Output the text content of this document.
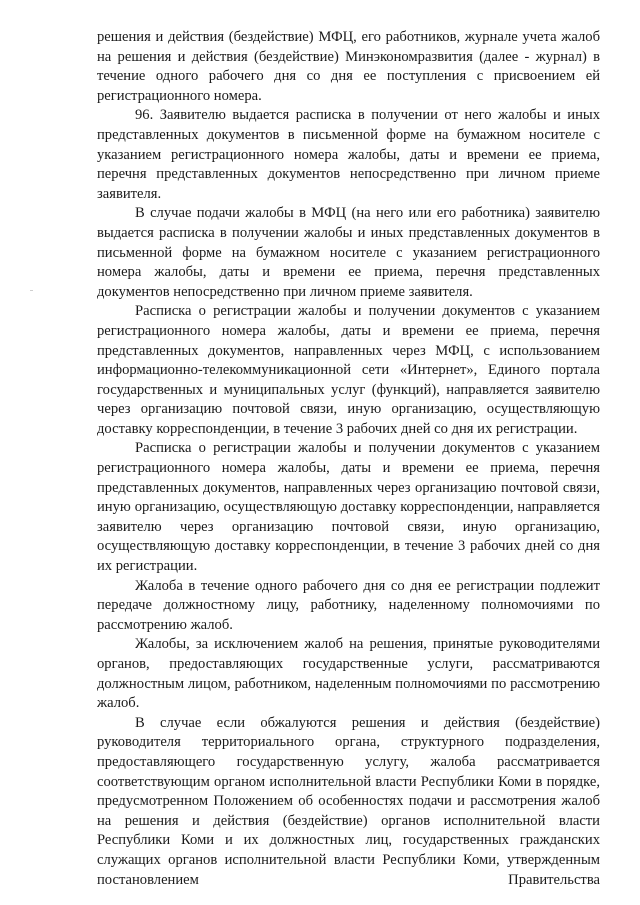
решения и действия (бездействие) МФЦ, его работников, журнале учета жалоб на решения и действия (бездействие) Минэкономразвития (далее - журнал) в течение одного рабочего дня со дня ее поступления с присвоением ей регистрационного номера.

96. Заявителю выдается расписка в получении от него жалобы и иных представленных документов в письменной форме на бумажном носителе с указанием регистрационного номера жалобы, даты и времени ее приема, перечня представленных документов непосредственно при личном приеме заявителя.

В случае подачи жалобы в МФЦ (на него или его работника) заявителю выдается расписка в получении жалобы и иных представленных документов в письменной форме на бумажном носителе с указанием регистрационного номера жалобы, даты и времени ее приема, перечня представленных документов непосредственно при личном приеме заявителя.

Расписка о регистрации жалобы и получении документов с указанием регистрационного номера жалобы, даты и времени ее приема, перечня представленных документов, направленных через МФЦ, с использованием информационно-телекоммуникационной сети «Интернет», Единого портала государственных и муниципальных услуг (функций), направляется заявителю через организацию почтовой связи, иную организацию, осуществляющую доставку корреспонденции, в течение 3 рабочих дней со дня их регистрации.

Расписка о регистрации жалобы и получении документов с указанием регистрационного номера жалобы, даты и времени ее приема, перечня представленных документов, направленных через организацию почтовой связи, иную организацию, осуществляющую доставку корреспонденции, направляется заявителю через организацию почтовой связи, иную организацию, осуществляющую доставку корреспонденции, в течение 3 рабочих дней со дня их регистрации.

Жалоба в течение одного рабочего дня со дня ее регистрации подлежит передаче должностному лицу, работнику, наделенному полномочиями по рассмотрению жалоб.

Жалобы, за исключением жалоб на решения, принятые руководителями органов, предоставляющих государственные услуги, рассматриваются должностным лицом, работником, наделенным полномочиями по рассмотрению жалоб.

В случае если обжалуются решения и действия (бездействие) руководителя территориального органа, структурного подразделения, предоставляющего государственную услугу, жалоба рассматривается соответствующим органом исполнительной власти Республики Коми в порядке, предусмотренном Положением об особенностях подачи и рассмотрения жалоб на решения и действия (бездействие) органов исполнительной власти Республики Коми и их должностных лиц, государственных гражданских служащих органов исполнительной власти Республики Коми, утвержденным постановлением Правительства
